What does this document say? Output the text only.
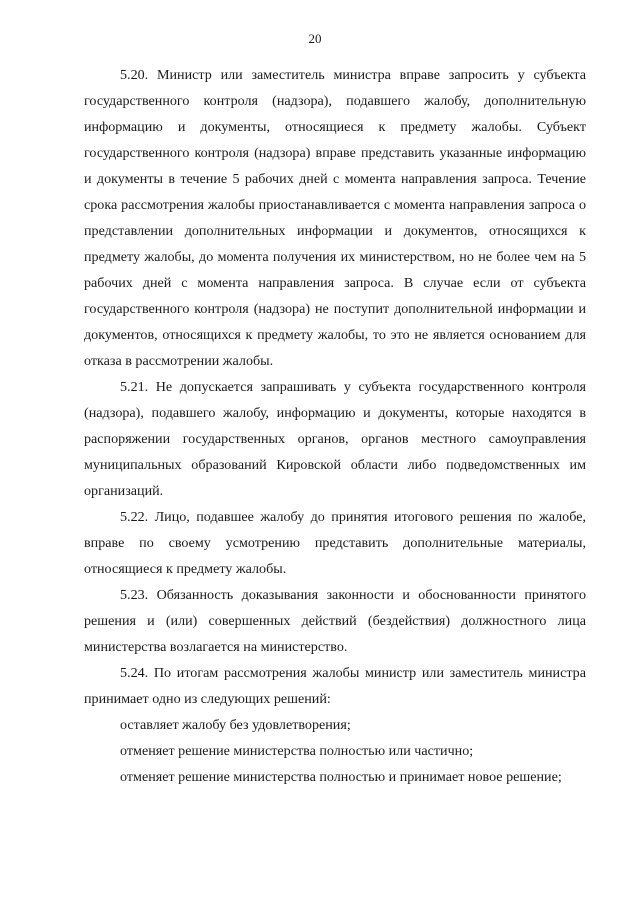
20

5.20. Министр или заместитель министра вправе запросить у субъекта государственного контроля (надзора), подавшего жалобу, дополнительную информацию и документы, относящиеся к предмету жалобы. Субъект государственного контроля (надзора) вправе представить указанные информацию и документы в течение 5 рабочих дней с момента направления запроса. Течение срока рассмотрения жалобы приостанавливается с момента направления запроса о представлении дополнительных информации и документов, относящихся к предмету жалобы, до момента получения их министерством, но не более чем на 5 рабочих дней с момента направления запроса. В случае если от субъекта государственного контроля (надзора) не поступит дополнительной информации и документов, относящихся к предмету жалобы, то это не является основанием для отказа в рассмотрении жалобы.

5.21. Не допускается запрашивать у субъекта государственного контроля (надзора), подавшего жалобу, информацию и документы, которые находятся в распоряжении государственных органов, органов местного самоуправления муниципальных образований Кировской области либо подведомственных им организаций.

5.22. Лицо, подавшее жалобу до принятия итогового решения по жалобе, вправе по своему усмотрению представить дополнительные материалы, относящиеся к предмету жалобы.

5.23. Обязанность доказывания законности и обоснованности принятого решения и (или) совершенных действий (бездействия) должностного лица министерства возлагается на министерство.

5.24. По итогам рассмотрения жалобы министр или заместитель министра принимает одно из следующих решений:

оставляет жалобу без удовлетворения;

отменяет решение министерства полностью или частично;

отменяет решение министерства полностью и принимает новое решение;
